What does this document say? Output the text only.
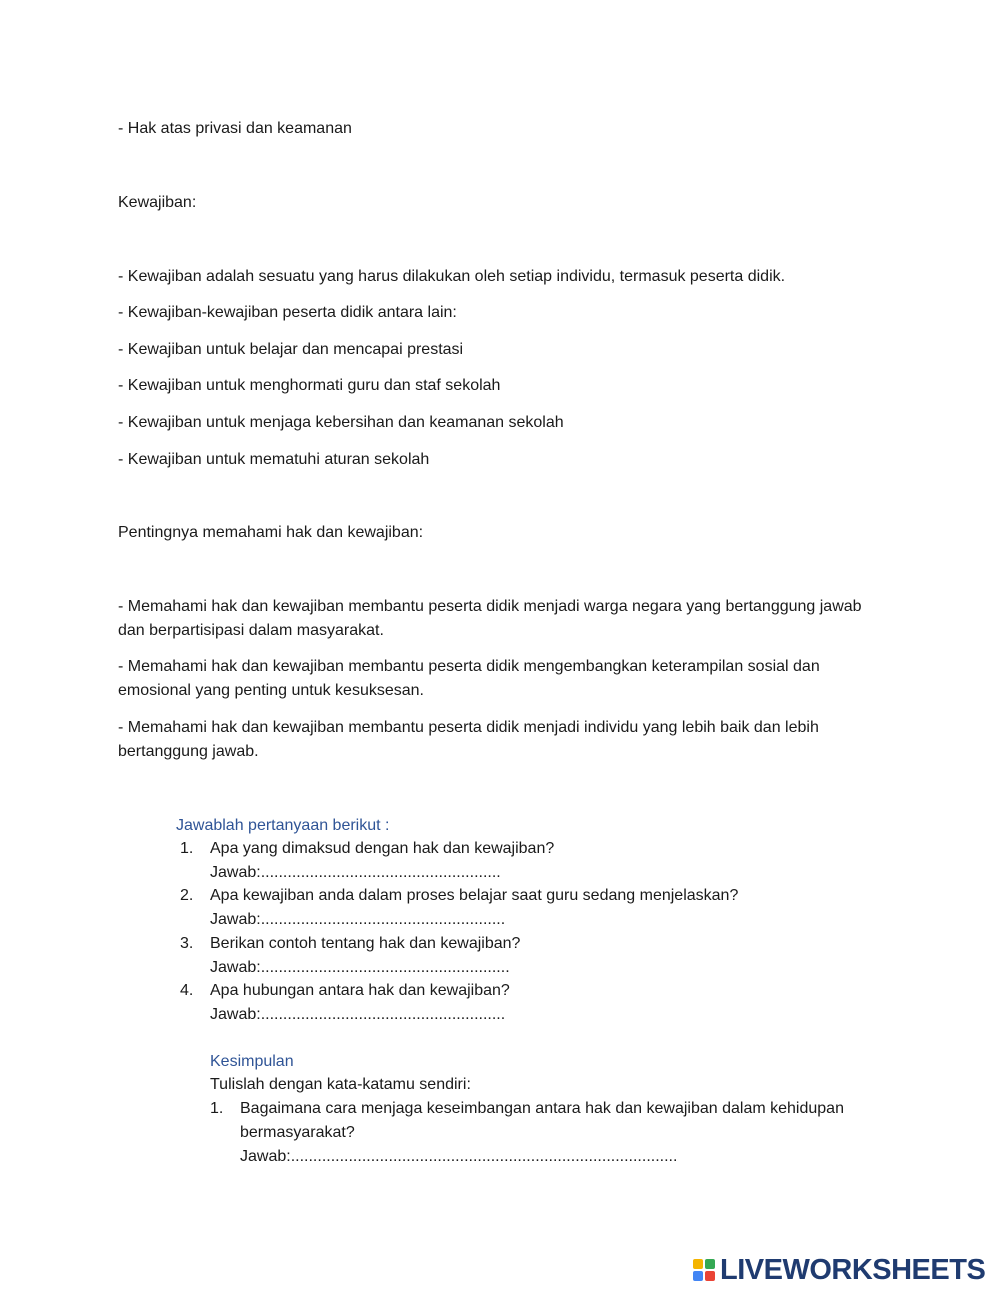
- Hak atas privasi dan keamanan

Kewajiban:

- Kewajiban adalah sesuatu yang harus dilakukan oleh setiap individu, termasuk peserta didik.

- Kewajiban-kewajiban peserta didik antara lain:

- Kewajiban untuk belajar dan mencapai prestasi

- Kewajiban untuk menghormati guru dan staf sekolah

- Kewajiban untuk menjaga kebersihan dan keamanan sekolah

- Kewajiban untuk mematuhi aturan sekolah

Pentingnya memahami hak dan kewajiban:

- Memahami hak dan kewajiban membantu peserta didik menjadi warga negara yang bertanggung jawab dan berpartisipasi dalam masyarakat.

- Memahami hak dan kewajiban membantu peserta didik mengembangkan keterampilan sosial dan emosional yang penting untuk kesuksesan.

- Memahami hak dan kewajiban membantu peserta didik menjadi individu yang lebih baik dan lebih bertanggung jawab.

Jawablah pertanyaan berikut :
1. Apa yang dimaksud dengan hak dan kewajiban?

Jawab:......................................................

2. Apa kewajiban anda dalam proses belajar saat guru sedang menjelaskan?

Jawab:.......................................................

3. Berikan contoh tentang hak dan kewajiban?

Jawab:........................................................

4. Apa hubungan antara hak dan kewajiban?

Jawab:.......................................................

Kesimpulan

Tulislah dengan kata-katamu sendiri:

1. Bagaimana cara menjaga keseimbangan antara hak dan kewajiban dalam kehidupan bermasyarakat?

Jawab:.......................................................................................

LIVEWORKSHEETS
